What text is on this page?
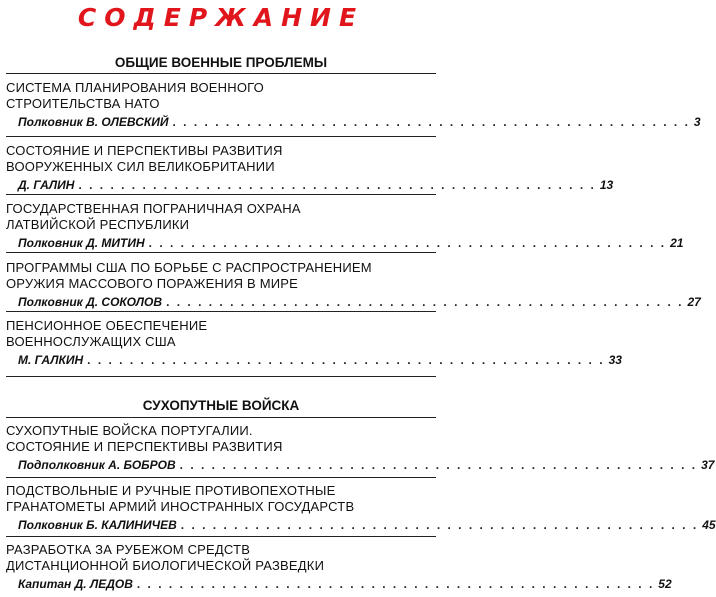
СОДЕРЖАНИЕ
ОБЩИЕ ВОЕННЫЕ ПРОБЛЕМЫ
СИСТЕМА ПЛАНИРОВАНИЯ ВОЕННОГО
СТРОИТЕЛЬСТВА НАТО
Полковник В. ОЛЕВСКИЙ . . . . . . . . . . . . . . . . . . . . . . . . . . . . . . . . . . . . . . . . . . . . . . . . . 3
СОСТОЯНИЕ И ПЕРСПЕКТИВЫ РАЗВИТИЯ
ВООРУЖЕННЫХ СИЛ ВЕЛИКОБРИТАНИИ
Д. ГАЛИН . . . . . . . . . . . . . . . . . . . . . . . . . . . . . . . . . . . . . . . . . . . . . . . . . 13
ГОСУДАРСТВЕННАЯ ПОГРАНИЧНАЯ ОХРАНА
ЛАТВИЙСКОЙ РЕСПУБЛИКИ
Полковник Д. МИТИН . . . . . . . . . . . . . . . . . . . . . . . . . . . . . . . . . . . . . . . . . . . . . . . . . 21
ПРОГРАММЫ США ПО БОРЬБЕ С РАСПРОСТРАНЕНИЕМ
ОРУЖИЯ МАССОВОГО ПОРАЖЕНИЯ В МИРЕ
Полковник Д. СОКОЛОВ . . . . . . . . . . . . . . . . . . . . . . . . . . . . . . . . . . . . . . . . . . . . . . . . . 27
ПЕНСИОННОЕ ОБЕСПЕЧЕНИЕ
ВОЕННОСЛУЖАЩИХ США
М. ГАЛКИН . . . . . . . . . . . . . . . . . . . . . . . . . . . . . . . . . . . . . . . . . . . . . . . . . 33
СУХОПУТНЫЕ ВОЙСКА
СУХОПУТНЫЕ ВОЙСКА ПОРТУГАЛИИ.
СОСТОЯНИЕ И ПЕРСПЕКТИВЫ РАЗВИТИЯ
Подполковник А. БОБРОВ . . . . . . . . . . . . . . . . . . . . . . . . . . . . . . . . . . . . . . . . . . . . . . . . . 37
ПОДСТВОЛЬНЫЕ И РУЧНЫЕ ПРОТИВОПЕХОТНЫЕ
ГРАНАТОМЕТЫ АРМИЙ ИНОСТРАННЫХ ГОСУДАРСТВ
Полковник Б. КАЛИНИЧЕВ . . . . . . . . . . . . . . . . . . . . . . . . . . . . . . . . . . . . . . . . . . . . . . . . . 45
РАЗРАБОТКА ЗА РУБЕЖОМ СРЕДСТВ
ДИСТАНЦИОННОЙ БИОЛОГИЧЕСКОЙ РАЗВЕДКИ
Капитан Д. ЛЕДОВ . . . . . . . . . . . . . . . . . . . . . . . . . . . . . . . . . . . . . . . . . . . . . . . . . 52
